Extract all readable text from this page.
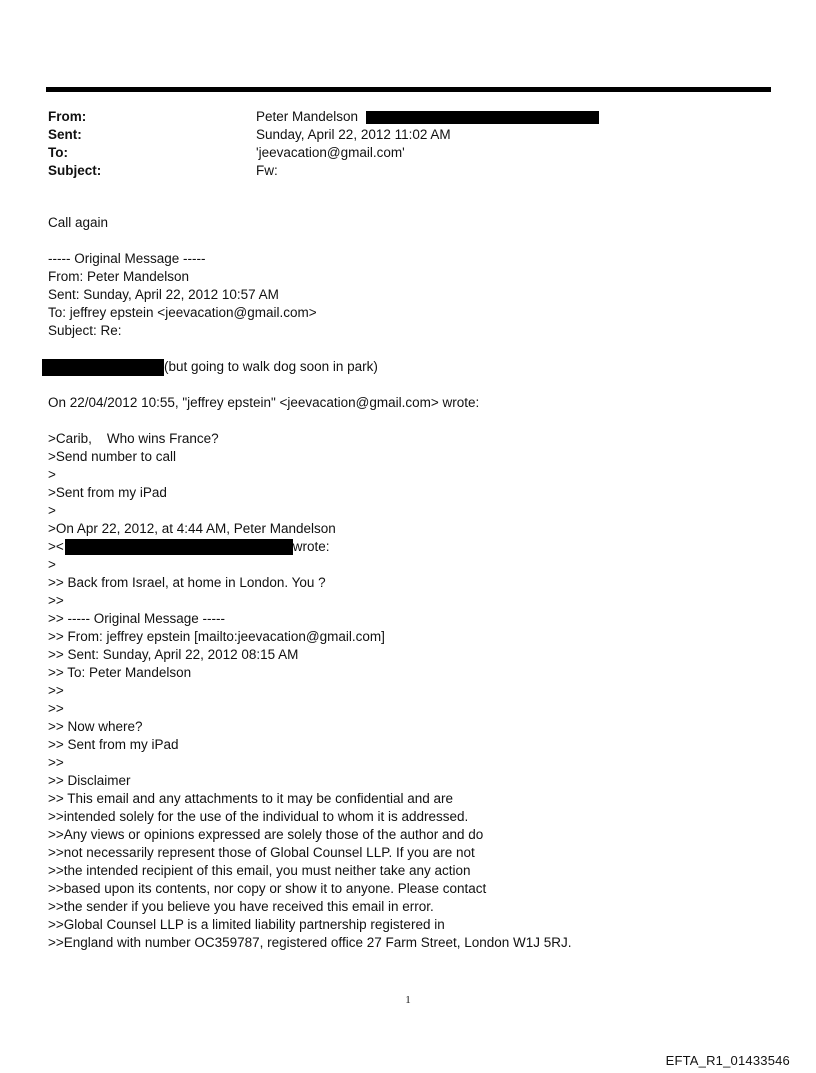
From:	Peter Mandelson
Sent:	Sunday, April 22, 2012 11:02 AM
To:	'jeevacation@gmail.com'
Subject:	Fw:
Call again
----- Original Message -----
From: Peter Mandelson
Sent: Sunday, April 22, 2012 10:57 AM
To: jeffrey epstein <jeevacation@gmail.com>
Subject: Re:
(but going to walk dog soon in park)
On 22/04/2012 10:55, "jeffrey epstein" <jeevacation@gmail.com> wrote:
>Carib,    Who wins France?
>Send number to call
>
>Sent from my iPad
>
>On Apr 22, 2012, at 4:44 AM, Peter Mandelson
><	wrote:
>
>> Back from Israel, at home in London. You ?
>>
>> ----- Original Message -----
>> From: jeffrey epstein [mailto:jeevacation@gmail.com]
>> Sent: Sunday, April 22, 2012 08:15 AM
>> To: Peter Mandelson
>>
>>
>> Now where?
>> Sent from my iPad
>>
>> Disclaimer
>> This email and any attachments to it may be confidential and are
>>intended solely for the use of the individual to whom it is addressed.
>>Any views or opinions expressed are solely those of the author and do
>>not necessarily represent those of Global Counsel LLP. If you are not
>>the intended recipient of this email, you must neither take any action
>>based upon its contents, nor copy or show it to anyone. Please contact
>>the sender if you believe you have received this email in error.
>>Global Counsel LLP is a limited liability partnership registered in
>>England with number OC359787, registered office 27 Farm Street, London W1J 5RJ.
1
EFTA_R1_01433546
